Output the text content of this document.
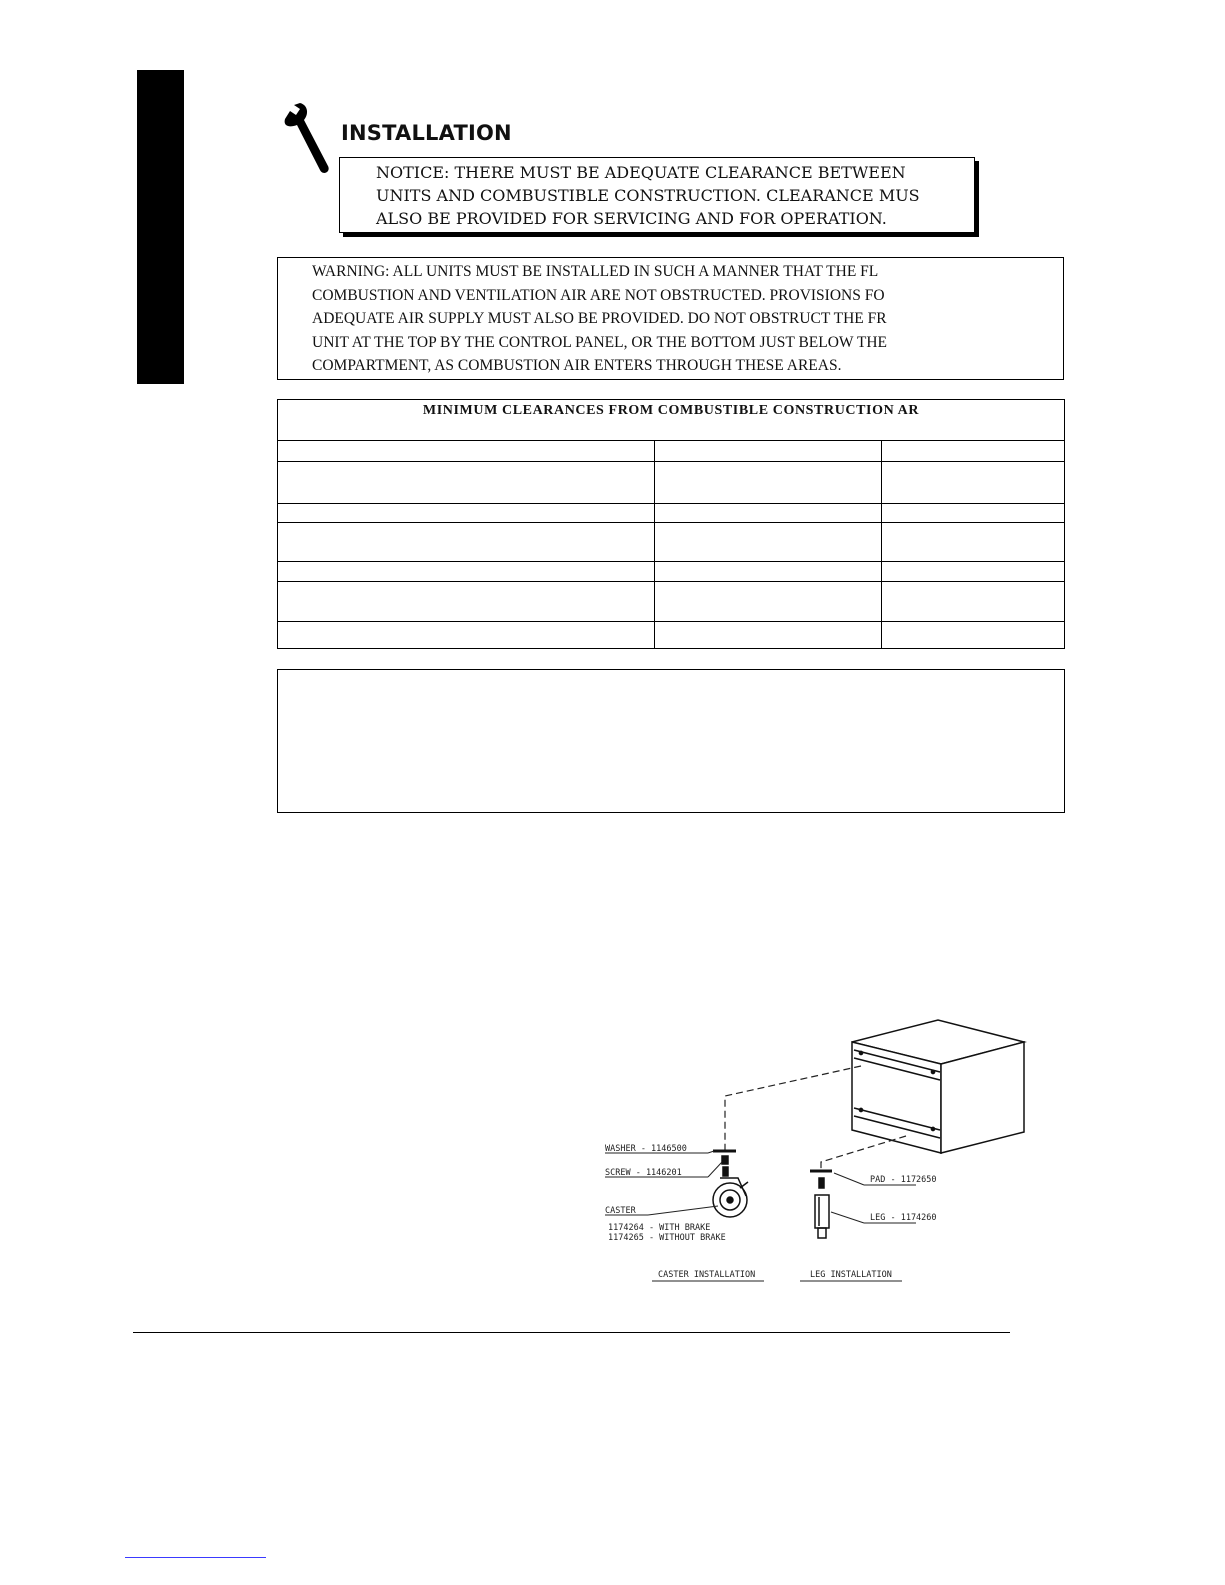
INSTALLATION

NOTICE: THERE MUST BE ADEQUATE CLEARANCE BETWEEN
UNITS AND COMBUSTIBLE CONSTRUCTION. CLEARANCE MUS
ALSO BE PROVIDED FOR SERVICING AND FOR OPERATION.

WARNING: ALL UNITS MUST BE INSTALLED IN SUCH A MANNER THAT THE FL
COMBUSTION AND VENTILATION AIR ARE NOT OBSTRUCTED. PROVISIONS FO
ADEQUATE AIR SUPPLY MUST ALSO BE PROVIDED. DO NOT OBSTRUCT THE FR
UNIT AT THE TOP BY THE CONTROL PANEL, OR THE BOTTOM JUST BELOW THE
COMPARTMENT, AS COMBUSTION AIR ENTERS THROUGH THESE AREAS.

MINIMUM CLEARANCES FROM COMBUSTIBLE CONSTRUCTION AR
WASHER - 1146500
SCREW - 1146201
CASTER
1174264 - WITH BRAKE
1174265 - WITHOUT BRAKE
PAD - 1172650
LEG - 1174260
CASTER INSTALLATION	LEG INSTALLATION
